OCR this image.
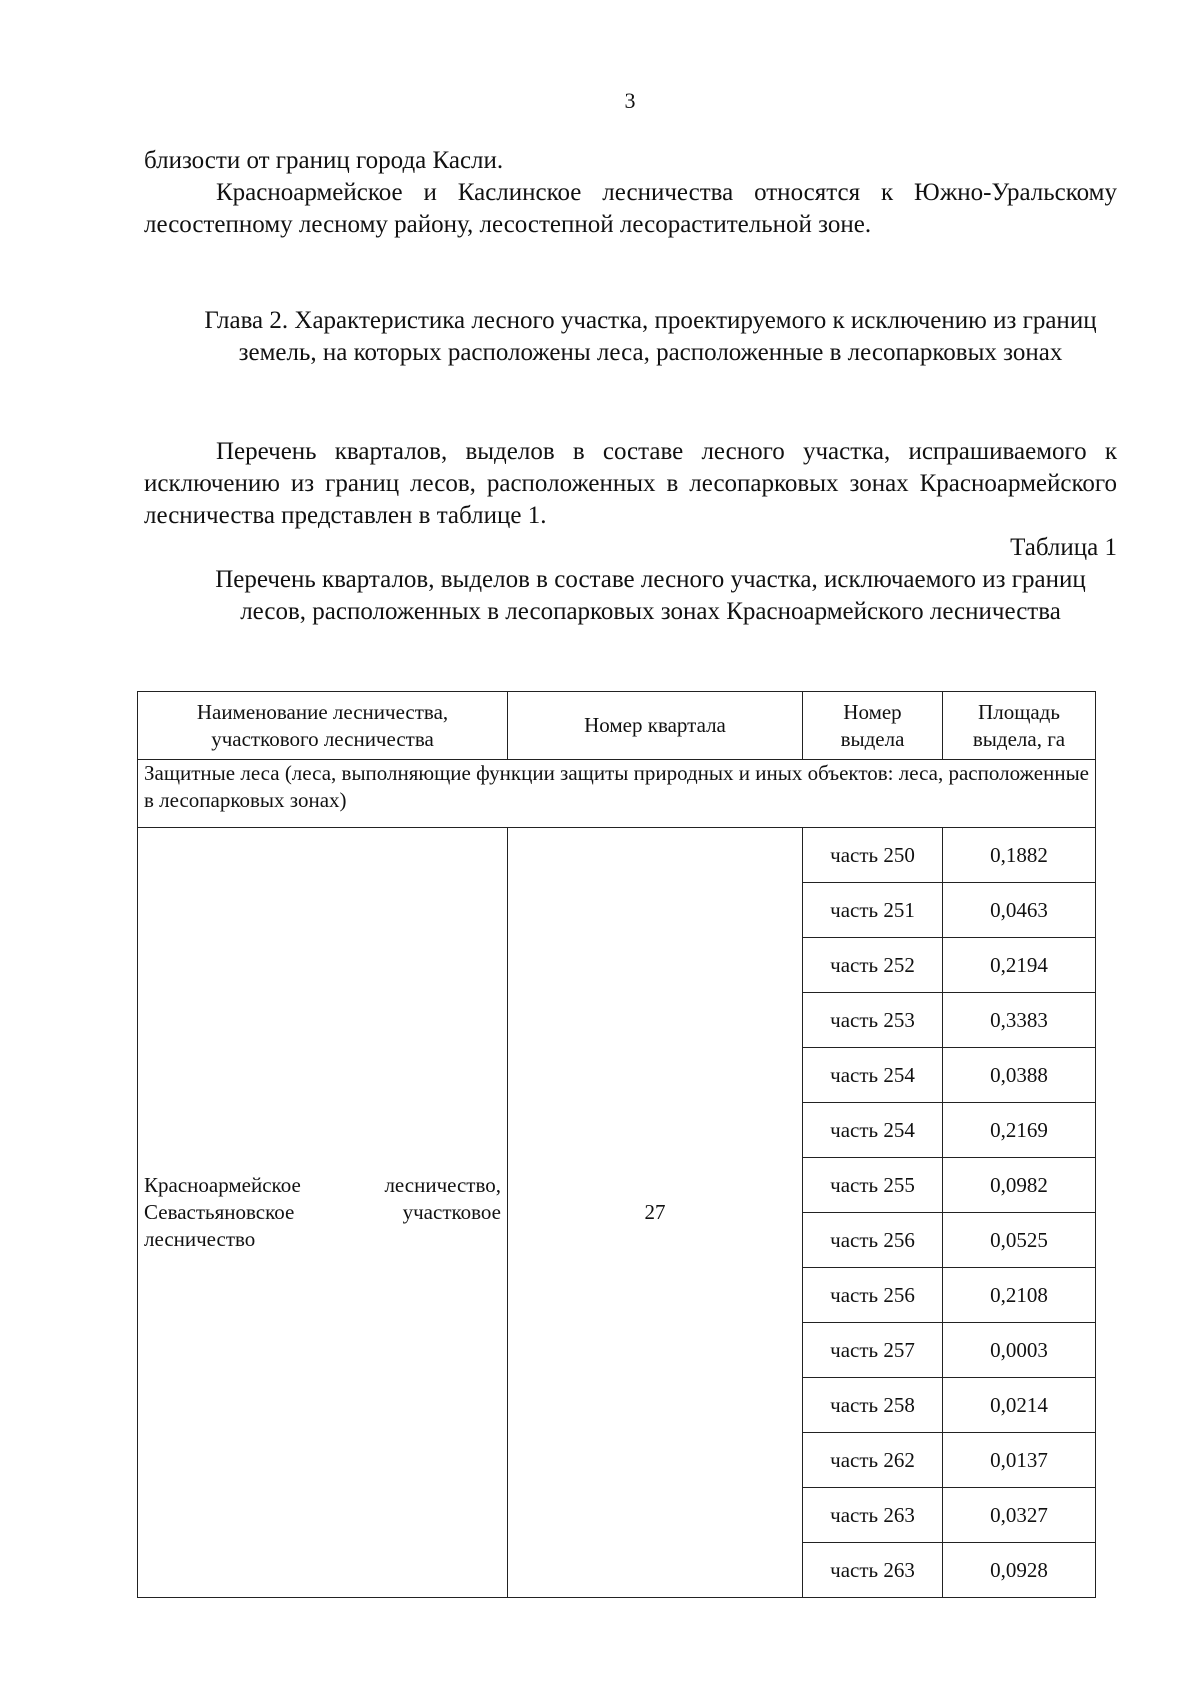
3

близости от границ города Касли.

Красноармейское и Каслинское лесничества относятся к Южно-Уральскому лесостепному лесному району, лесостепной лесорастительной зоне.

Глава 2. Характеристика лесного участка, проектируемого к исключению из границ земель, на которых расположены леса, расположенные в лесопарковых зонах

Перечень кварталов, выделов в составе лесного участка, испрашиваемого к исключению из границ лесов, расположенных в лесопарковых зонах Красноармейского лесничества представлен в таблице 1.

Таблица 1

Перечень кварталов, выделов в составе лесного участка, исключаемого из границ лесов, расположенных в лесопарковых зонах Красноармейского лесничества

Наименование лесничества, участкового лесничества	Номер квартала	Номер выдела	Площадь выдела, га
Защитные леса (леса, выполняющие функции защиты природных и иных объектов: леса, расположенные в лесопарковых зонах)			

Красноармейское лесничество,
Севастьяновское участковое
лесничество	27	часть 250	0,1882
		часть 251	0,0463
		часть 252	0,2194
		часть 253	0,3383
		часть 254	0,0388
		часть 254	0,2169
		часть 255	0,0982
		часть 256	0,0525
		часть 256	0,2108
		часть 257	0,0003
		часть 258	0,0214
		часть 262	0,0137
		часть 263	0,0327
		часть 263	0,0928
